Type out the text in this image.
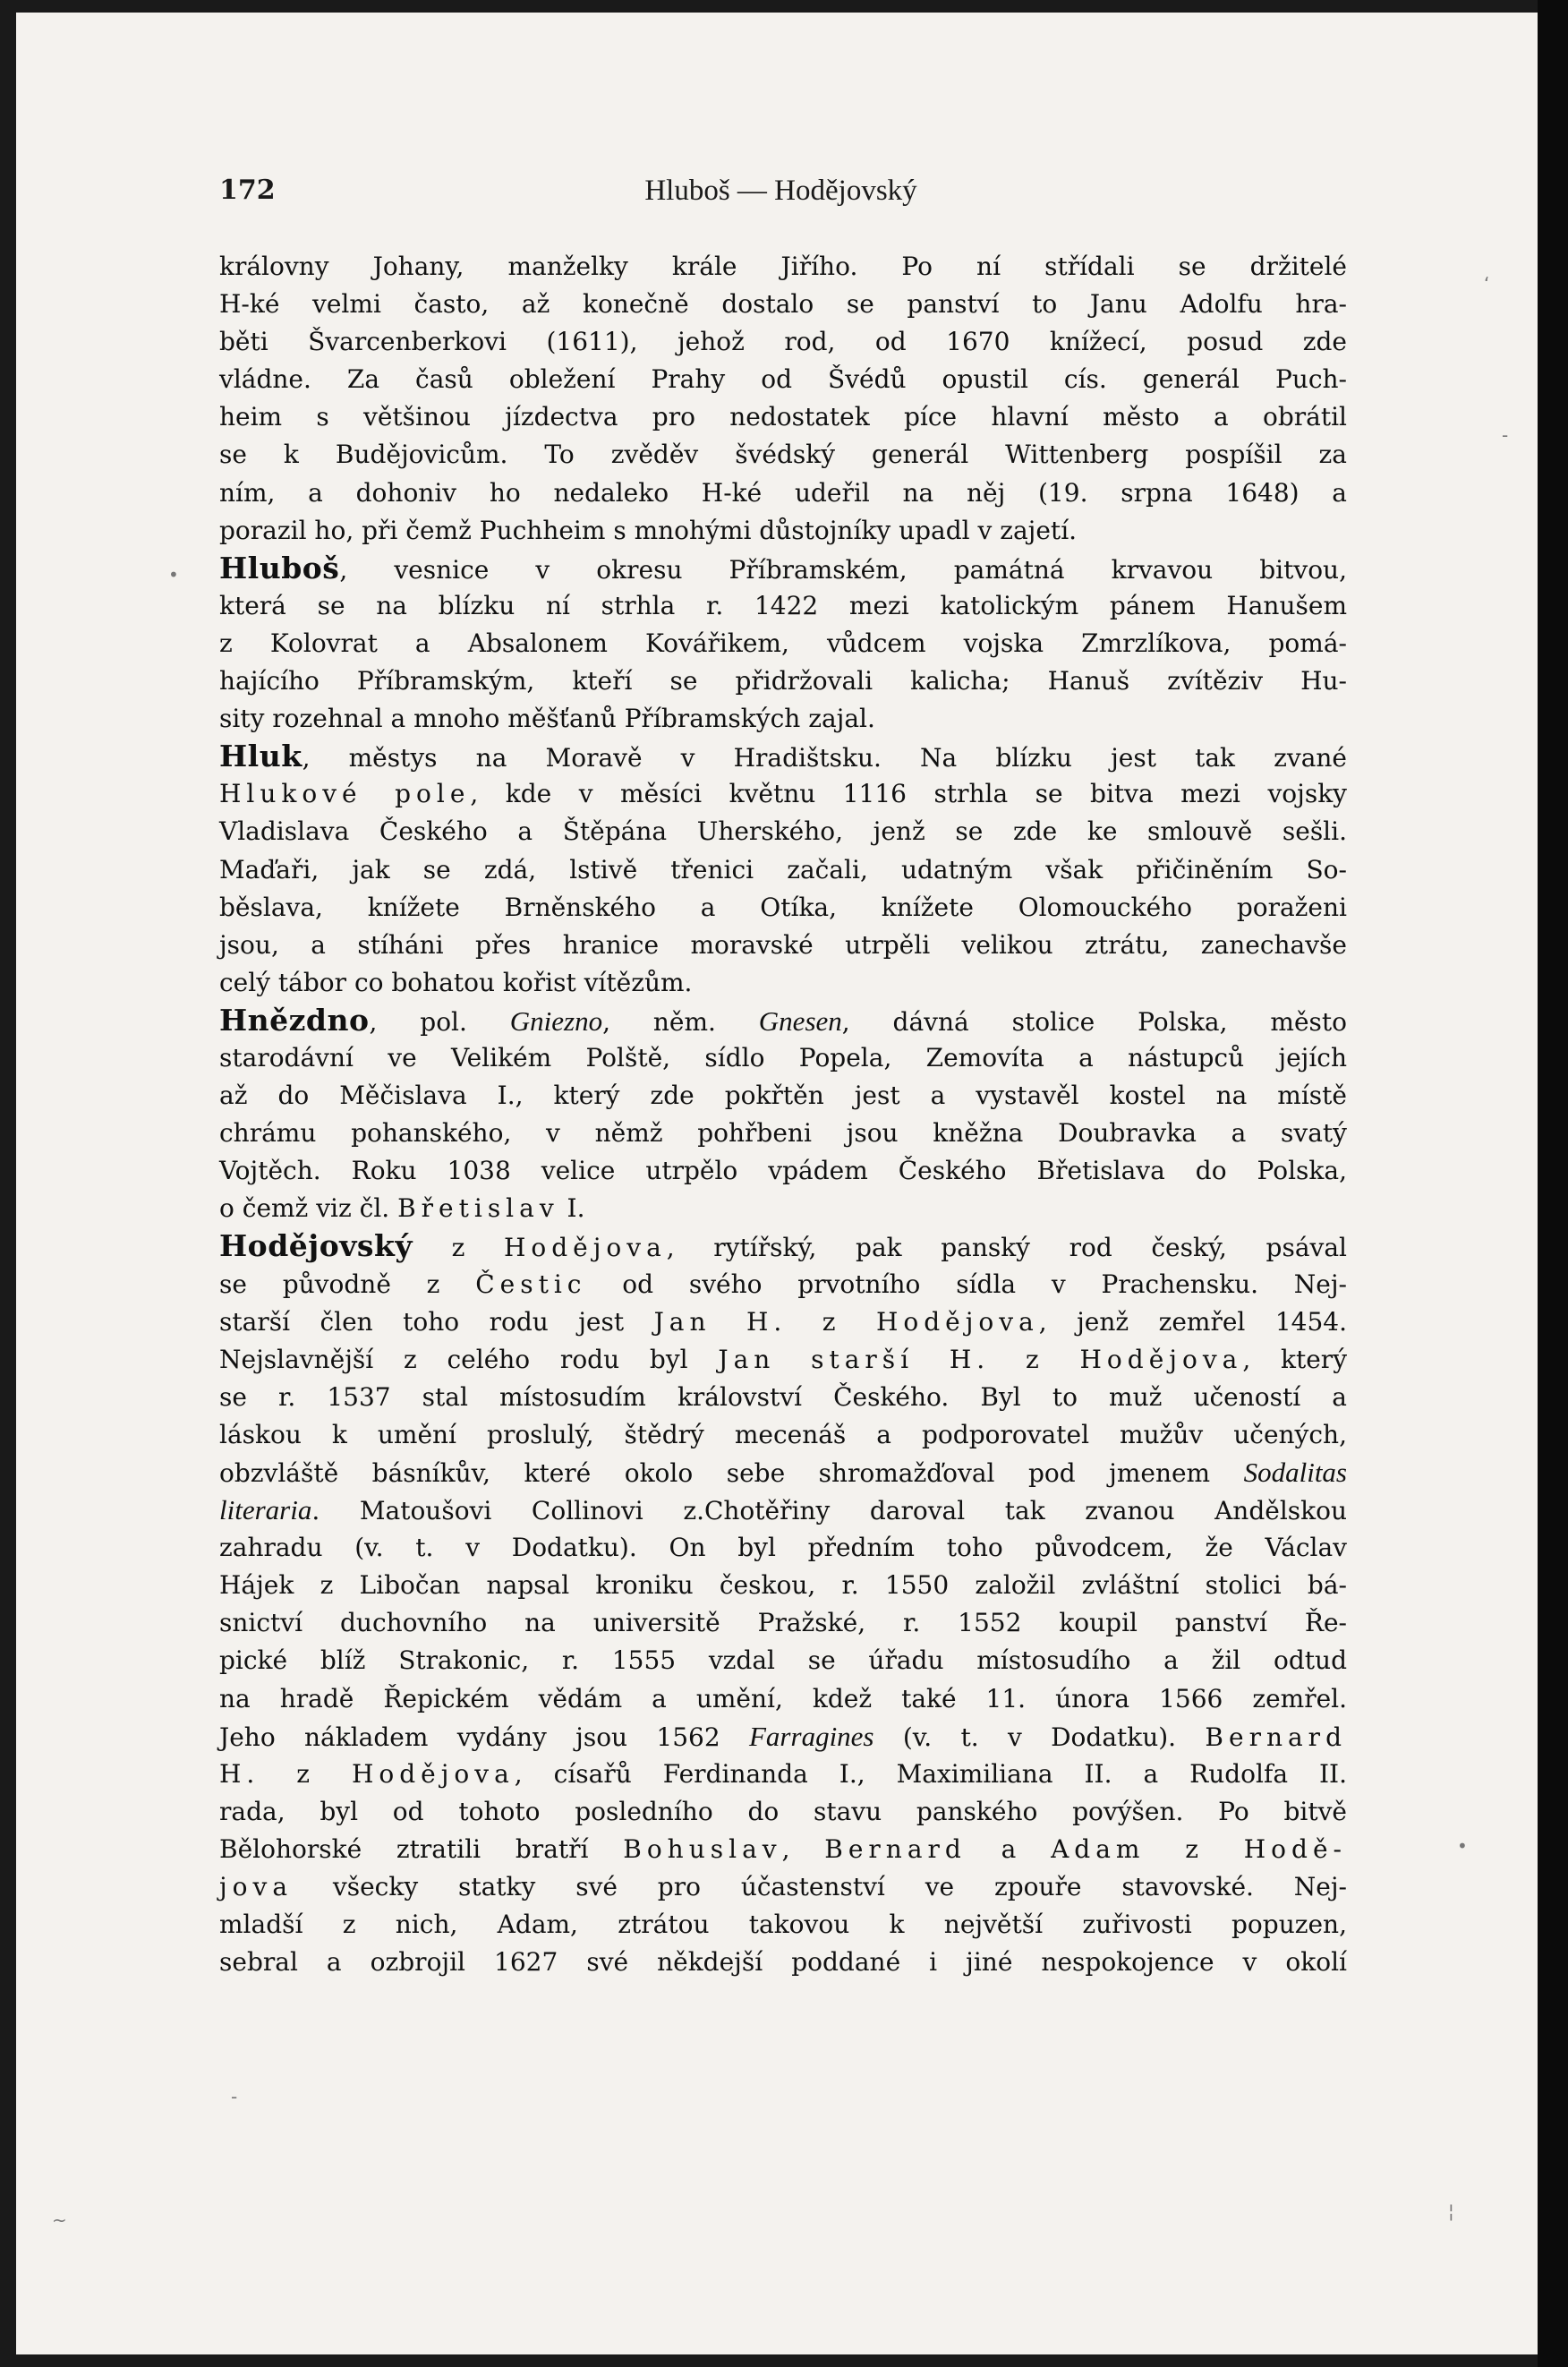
‘
-
•
•
-
~	¦
172	Hluboš — Hodějovský
královny Johany, manželky krále Jiřího. Po ní střídali se držitelé
H-ké velmi často, až konečně dostalo se panství to Janu Adolfu hra-
běti Švarcenberkovi (1611), jehož rod, od 1670 knížecí, posud zde
vládne. Za časů obležení Prahy od Švédů opustil cís. generál Puch-
heim s většinou jízdectva pro nedostatek píce hlavní město a obrátil
se k Budějovicům. To zvěděv švédský generál Wittenberg pospíšil za
ním, a dohoniv ho nedaleko H-ké udeřil na něj (19. srpna 1648) a
porazil ho, při čemž Puchheim s mnohými důstojníky upadl v zajetí.
Hluboš, vesnice v okresu Příbramském, památná krvavou bitvou,
která se na blízku ní strhla r. 1422 mezi katolickým pánem Hanušem
z Kolovrat a Absalonem Kovářikem, vůdcem vojska Zmrzlíkova, pomá-
hajícího Příbramským, kteří se přidržovali kalicha; Hanuš zvítěziv Hu-
sity rozehnal a mnoho měšťanů Příbramských zajal.
Hluk, městys na Moravě v Hradištsku. Na blízku jest tak zvané
Hlukové pole, kde v měsíci květnu 1116 strhla se bitva mezi vojsky
Vladislava Českého a Štěpána Uherského, jenž se zde ke smlouvě sešli.
Maďaři, jak se zdá, lstivě třenici začali, udatným však přičiněním So-
běslava, knížete Brněnského a Otíka, knížete Olomouckého poraženi
jsou, a stíháni přes hranice moravské utrpěli velikou ztrátu, zanechavše
celý tábor co bohatou kořist vítězům.
Hnězdno, pol. Gniezno, něm. Gnesen, dávná stolice Polska, město
starodávní ve Velikém Polště, sídlo Popela, Zemovíta a nástupců jejích
až do Měčislava I., který zde pokřtěn jest a vystavěl kostel na místě
chrámu pohanského, v němž pohřbeni jsou kněžna Doubravka a svatý
Vojtěch. Roku 1038 velice utrpělo vpádem Českého Břetislava do Polska,
o čemž viz čl. Břetislav I.
Hodějovský z Hodějova, rytířský, pak panský rod český, psával
se původně z Čestic od svého prvotního sídla v Prachensku. Nej-
starší člen toho rodu jest Jan H. z Hodějova, jenž zemřel 1454.
Nejslavnější z celého rodu byl Jan starší H. z Hodějova, který
se r. 1537 stal místosudím království Českého. Byl to muž učeností a
láskou k umění proslulý, štědrý mecenáš a podporovatel mužův učených,
obzvláště básníkův, které okolo sebe shromažďoval pod jmenem Sodalitas
literaria. Matoušovi Collinovi z.Chotěřiny daroval tak zvanou Andělskou
zahradu (v. t. v Dodatku). On byl předním toho původcem, že Václav
Hájek z Libočan napsal kroniku českou, r. 1550 založil zvláštní stolici bá-
snictví duchovního na universitě Pražské, r. 1552 koupil panství Ře-
pické blíž Strakonic, r. 1555 vzdal se úřadu místosudího a žil odtud
na hradě Řepickém vědám a umění, kdež také 11. února 1566 zemřel.
Jeho nákladem vydány jsou 1562 Farragines (v. t. v Dodatku). Bernard
H. z Hodějova, císařů Ferdinanda I., Maximiliana II. a Rudolfa II.
rada, byl od tohoto posledního do stavu panského povýšen. Po bitvě
Bělohorské ztratili bratří Bohuslav, Bernard a Adam z Hodě-
jova všecky statky své pro účastenství ve zpouře stavovské. Nej-
mladší z nich, Adam, ztrátou takovou k největší zuřivosti popuzen,
sebral a ozbrojil 1627 své někdejší poddané i jiné nespokojence v okolí
